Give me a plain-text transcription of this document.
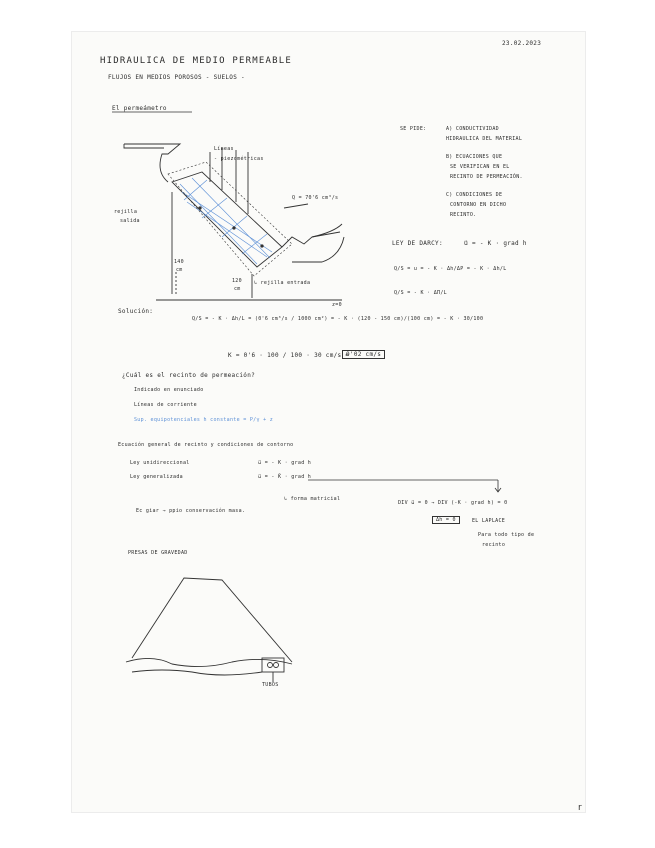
23.02.2023
HIDRAULICA DE MEDIO PERMEABLE
FLUJOS EN MEDIOS POROSOS - SUELOS -
El permeámetro
Líneas
- piezométricas
Q = 70'6 cm³/s
rejilla
salida
140
cm
120
cm
↳ rejilla entrada
z=0
SE PIDE:	A) CONDUCTIVIDAD
HIDRAULICA DEL MATERIAL
B) ECUACIONES QUE
SE VERIFICAN EN EL
RECINTO DE PERMEACIÓN.
C) CONDICIONES DE
CONTORNO EN DICHO
RECINTO.
LEY DE DARCY:	u⃗ = - K · grad h
Q/S = u = - K · Δh/ΔP = - K · Δh/L
Q/S = - K · ΔΠ/L
Solución:
Q/S = - K · Δh/L = (0'6 cm³/s / 1000 cm²) = - K · (120 - 150 cm)/(100 cm) = - K · 30/100
K = 0'6 · 100 / 100 · 30 cm/s =
0'02 cm/s
¿Cuál es el recinto de permeación?
Indicado en enunciado
Líneas de corriente
Sup. equipotenciales h constante = P/γ + z
Ecuación general de recinto y condiciones de contorno
Ley unidireccional	u⃗ = - K · grad h
Ley generalizada	u⃗ = - K̄ · grad h
↳ forma matricial
DIV u⃗ = 0 → DIV (-K · grad h) = 0
Ec giar → ppio conservación masa.
Δh = 0	EL LAPLACE
Para todo tipo de
recinto
PRESAS DE GRAVEDAD
TUBOS
r
